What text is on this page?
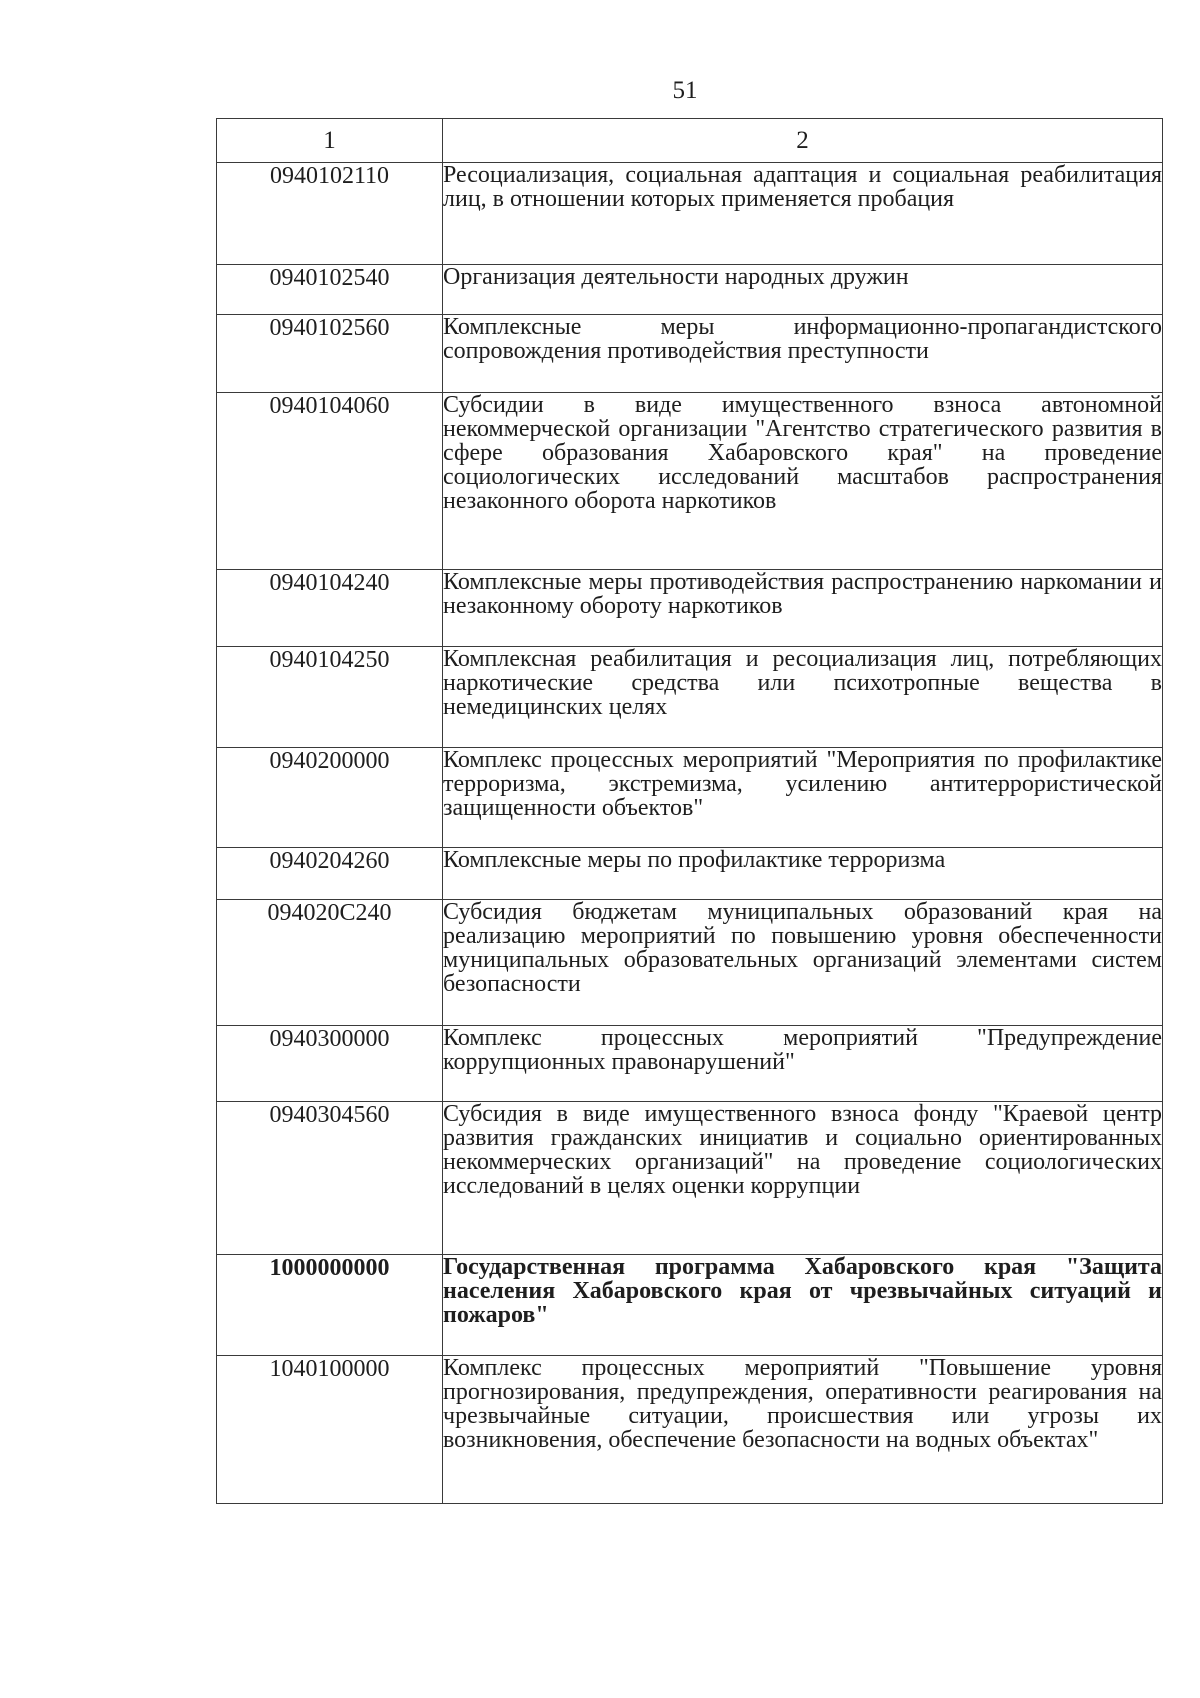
51
1	2
0940102110	Ресоциализация, социальная адаптация и социальная реабилитация лиц, в отношении которых применяется пробация
0940102540	Организация деятельности народных дружин
0940102560	Комплексные меры информационно-пропагандистского сопровождения противодействия преступности
0940104060	Субсидии в виде имущественного взноса автономной некоммерческой организации "Агентство стратегического развития в сфере образования Хабаровского края" на проведение социологических исследований масштабов распространения незаконного оборота наркотиков
0940104240	Комплексные меры противодействия распространению наркомании и незаконному обороту наркотиков
0940104250	Комплексная реабилитация и ресоциализация лиц, потребляющих наркотические средства или психотропные вещества в немедицинских целях
0940200000	Комплекс процессных мероприятий "Мероприятия по профилактике терроризма, экстремизма, усилению антитеррористической защищенности объектов"
0940204260	Комплексные меры по профилактике терроризма
094020С240	Субсидия бюджетам муниципальных образований края на реализацию мероприятий по повышению уровня обеспеченности муниципальных образовательных организаций элементами систем безопасности
0940300000	Комплекс процессных мероприятий "Предупреждение коррупционных правонарушений"
0940304560	Субсидия в виде имущественного взноса фонду "Краевой центр развития гражданских инициатив и социально ориентированных некоммерческих организаций" на проведение социологических исследований в целях оценки коррупции
1000000000	Государственная программа Хабаровского края "Защита населения Хабаровского края от чрезвычайных ситуаций и пожаров"
1040100000	Комплекс процессных мероприятий "Повышение уровня прогнозирования, предупреждения, оперативности реагирования на чрезвычайные ситуации, происшествия или угрозы их возникновения, обеспечение безопасности на водных объектах"
